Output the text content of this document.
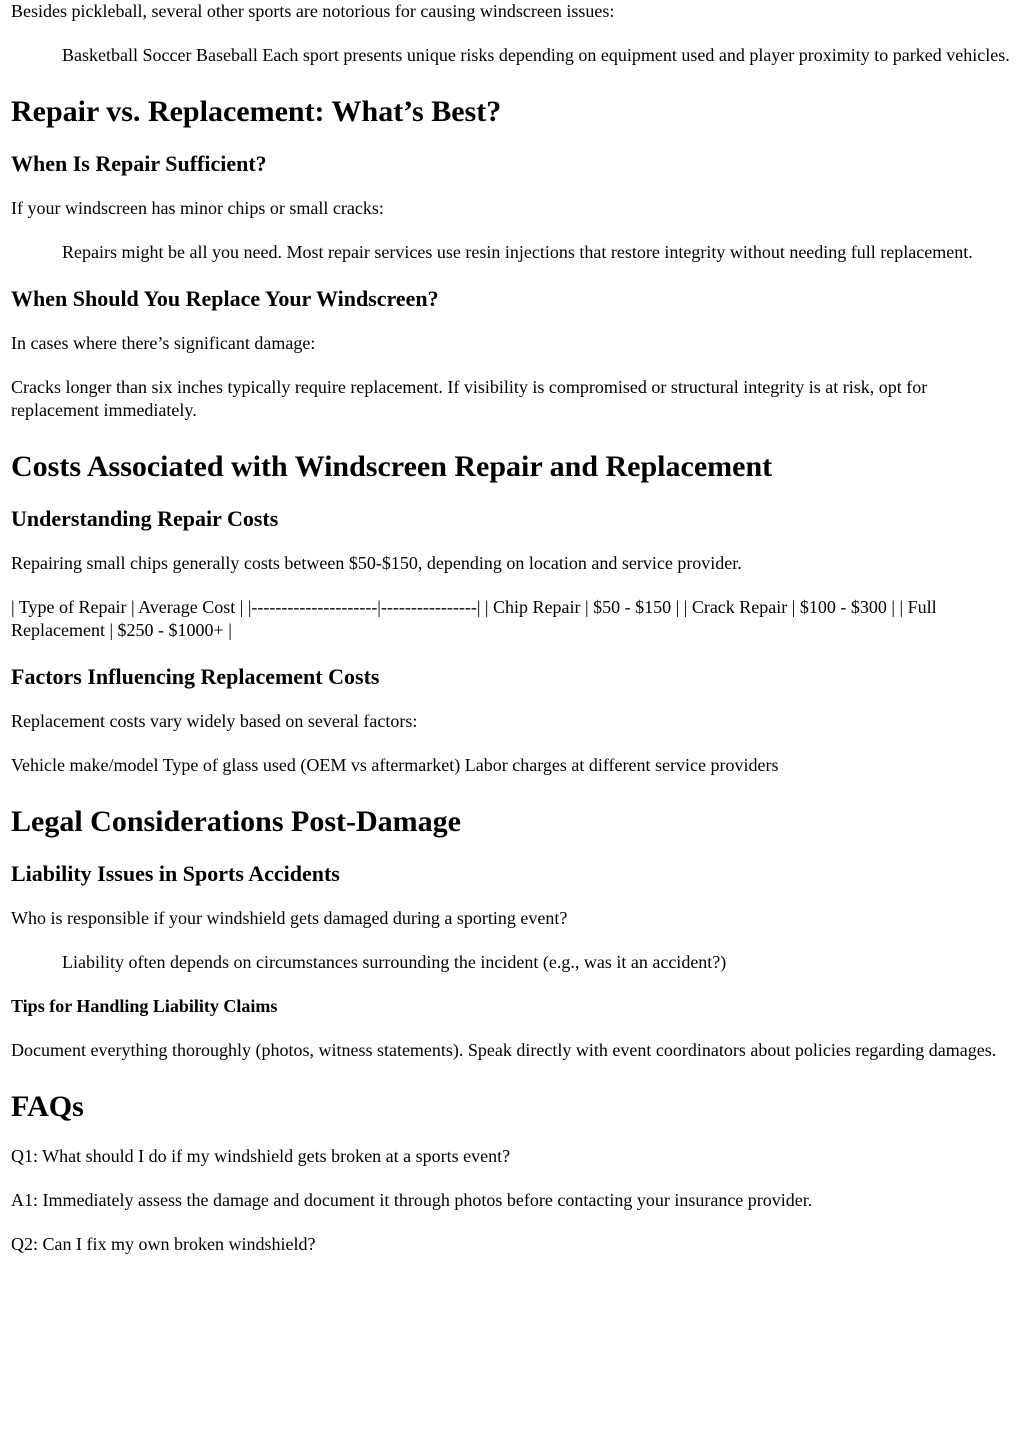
Besides pickleball, several other sports are notorious for causing windscreen issues:

Basketball Soccer Baseball Each sport presents unique risks depending on equipment used and player proximity to parked vehicles.
Repair vs. Replacement: What’s Best?
When Is Repair Sufficient?

If your windscreen has minor chips or small cracks:

Repairs might be all you need. Most repair services use resin injections that restore integrity without needing full replacement.
When Should You Replace Your Windscreen?

In cases where there’s significant damage:

Cracks longer than six inches typically require replacement. If visibility is compromised or structural integrity is at risk, opt for replacement immediately.

Costs Associated with Windscreen Repair and Replacement
Understanding Repair Costs

Repairing small chips generally costs between $50-$150, depending on location and service provider.

| Type of Repair | Average Cost | |---------------------|----------------| | Chip Repair | $50 - $150 | | Crack Repair | $100 - $300 | | Full Replacement | $250 - $1000+ |

Factors Influencing Replacement Costs

Replacement costs vary widely based on several factors:

Vehicle make/model Type of glass used (OEM vs aftermarket) Labor charges at different service providers

Legal Considerations Post-Damage
Liability Issues in Sports Accidents

Who is responsible if your windshield gets damaged during a sporting event?

Liability often depends on circumstances surrounding the incident (e.g., was it an accident?)
Tips for Handling Liability Claims

Document everything thoroughly (photos, witness statements). Speak directly with event coordinators about policies regarding damages.

FAQs

Q1: What should I do if my windshield gets broken at a sports event?

A1: Immediately assess the damage and document it through photos before contacting your insurance provider.

Q2: Can I fix my own broken windshield?
